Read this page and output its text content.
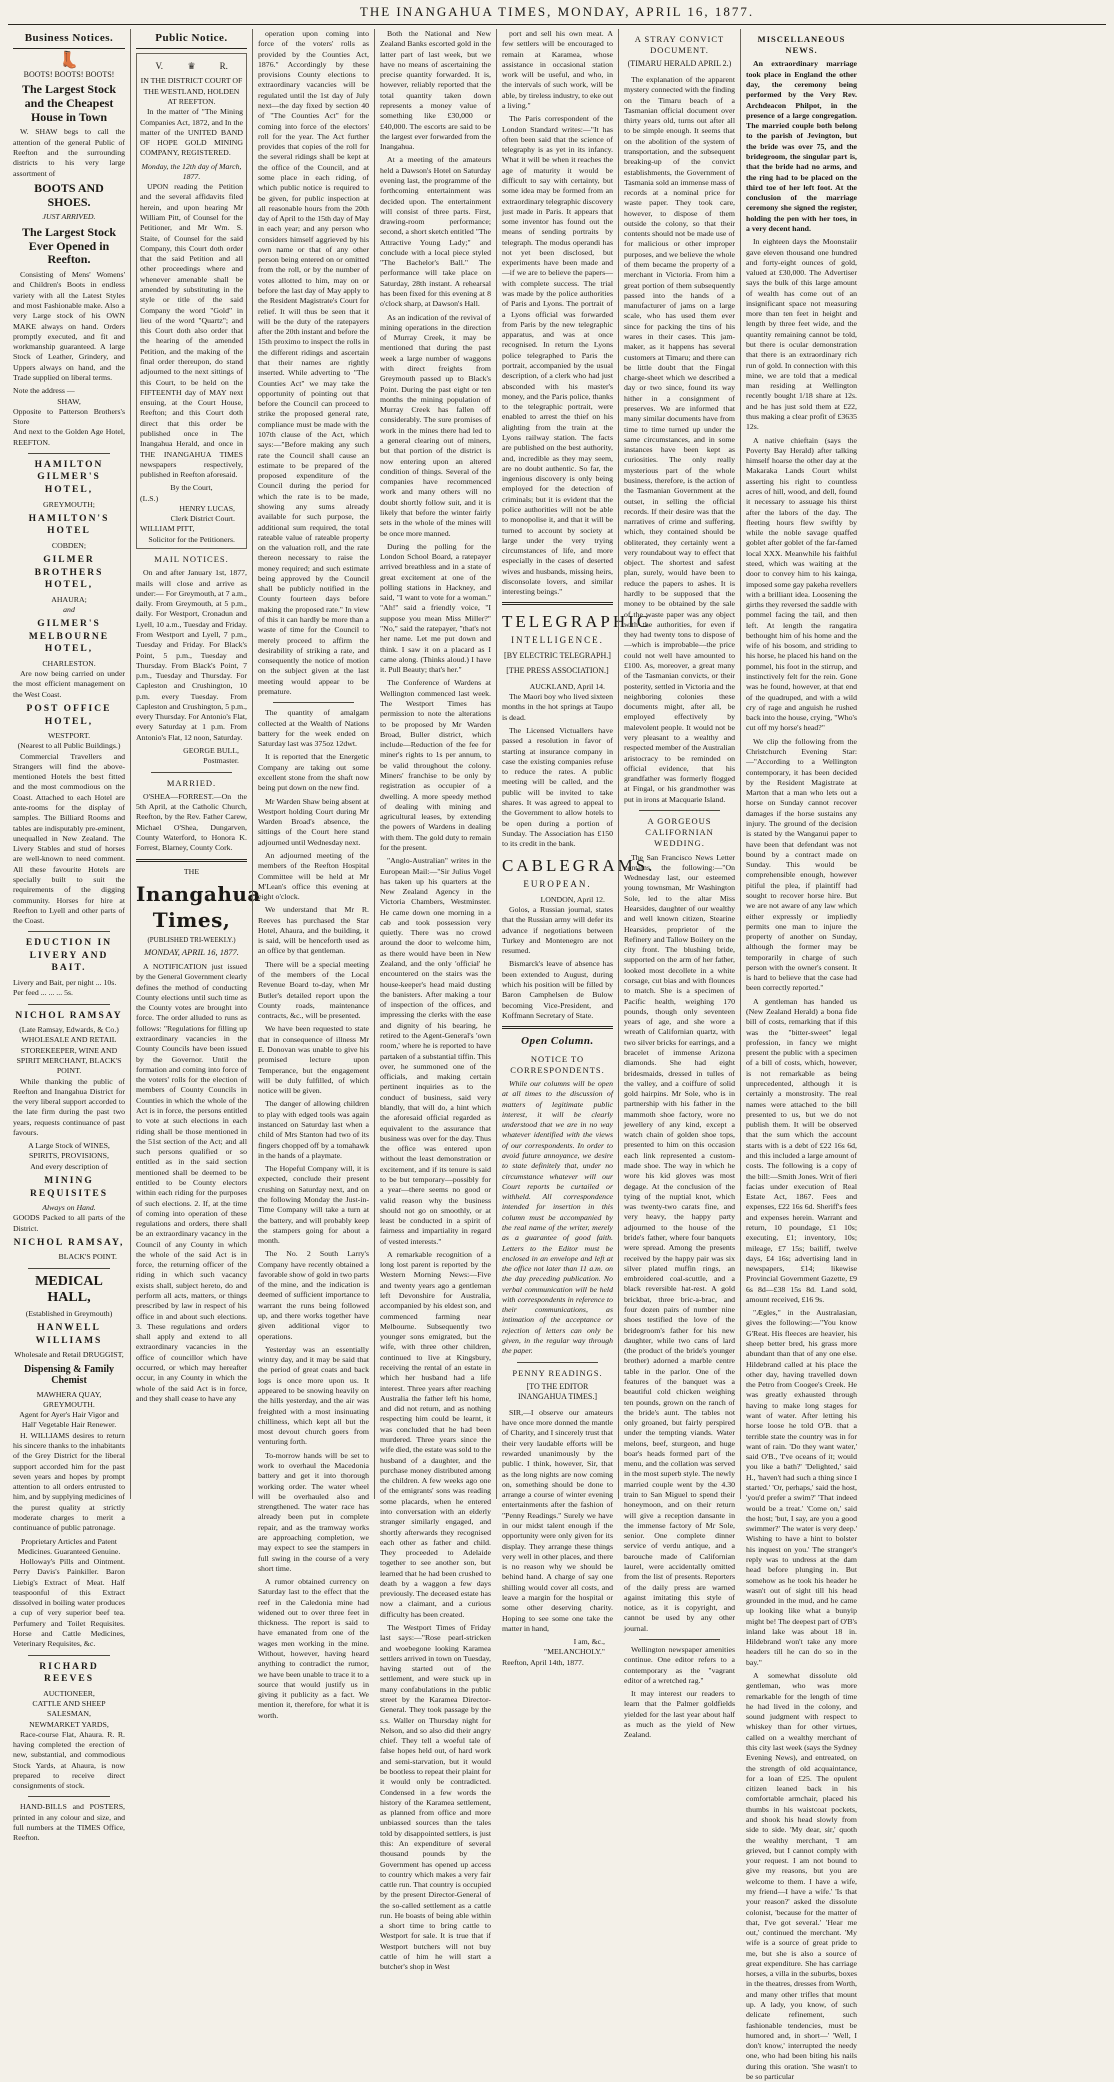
THE INANGAHUA TIMES, MONDAY, APRIL 16, 1877.
Business Notices.
👢
BOOTS! BOOTS! BOOTS!
The Largest Stock and the Cheapest House in Town

W. SHAW begs to call the attention of the general Public of Reefton and the surrounding districts to his very large assortment of

BOOTS AND SHOES.
JUST ARRIVED.
The Largest Stock Ever Opened in Reefton.

Consisting of Mens' Womens' and Children's Boots in endless variety with all the Latest Styles and most Fashionable make. Also a very Large stock of his OWN MAKE always on hand. Orders promptly executed, and fit and workmanship guaranteed. A large Stock of Leather, Grindery, and Uppers always on hand, and the Trade supplied on liberal terms.

Note the address —
SHAW,
Opposite to Patterson Brothers's Store
And next to the Golden Age Hotel, REEFTON.
HAMILTON GILMER'S HOTEL,
GREYMOUTH;
HAMILTON'S HOTEL
COBDEN;
GILMER BROTHERS HOTEL,
AHAURA;
and
GILMER'S MELBOURNE HOTEL,
CHARLESTON.

Are now being carried on under the most efficient management on the West Coast.

POST OFFICE HOTEL,
WESTPORT.
(Nearest to all Public Buildings.)

Commercial Travellers and Strangers will find the above-mentioned Hotels the best fitted and the most commodious on the Coast. Attached to each Hotel are ante-rooms for the display of samples. The Billiard Rooms and tables are indisputably pre-eminent, unequalled in New Zealand. The Livery Stables and stud of horses are well-known to need comment. All these favourite Hotels are specially built to suit the requirements of the digging community. Horses for hire at Reefton to Lyell and other parts of the Coast.

EDUCTION IN LIVERY AND BAIT.
Livery and Bait, per night ... 10s.
Per feed ... ... ... 5s.
NICHOL RAMSAY
(Late Ramsay, Edwards, & Co.)
WHOLESALE AND RETAIL STOREKEEPER, WINE AND SPIRIT MERCHANT, BLACK'S POINT.

While thanking the public of Reefton and Inangahua District for the very liberal support accorded to the late firm during the past two years, requests continuance of past favours.

A Large Stock of WINES, SPIRITS, PROVISIONS,
And every description of
MINING REQUISITES
Always on Hand.
GOODS Packed to all parts of the District.
NICHOL RAMSAY,
BLACK'S POINT.
MEDICAL HALL,
(Established in Greymouth)
HANWELL WILLIAMS
Wholesale and Retail DRUGGIST,
Dispensing & Family Chemist
MAWHERA QUAY,
GREYMOUTH.
Agent for Ayer's Hair Vigor and Hall' Vegetable Hair Renewer.

H. WILLIAMS desires to return his sincere thanks to the inhabitants of the Grey District for the liberal support accorded him for the past seven years and hopes by prompt attention to all orders entrusted to him, and by supplying medicines of the purest quality at strictly moderate charges to merit a continuance of public patronage.

Proprietary Articles and Patent Medicines. Guaranteed Genuine.

Holloway's Pills and Ointment. Perry Davis's Painkiller. Baron Liebig's Extract of Meat. Half teaspoonful of this Extract dissolved in boiling water produces a cup of very superior beef tea. Perfumery and Toilet Requisites. Horse and Cattle Medicines, Veterinary Requisites, &c.

RICHARD REEVES
AUCTIONEER,
CATTLE AND SHEEP SALESMAN,
NEWMARKET YARDS,

Race-course Flat, Ahaura. R. R. having completed the erection of new, substantial, and commodious Stock Yards, at Ahaura, is now prepared to receive direct consignments of stock.

HAND-BILLS and POSTERS, printed in any colour and size, and full numbers at the TIMES Office, Reefton.

Public Notice.
V.	♛	R.
IN THE DISTRICT COURT OF THE WESTLAND, HOLDEN AT REEFTON.

In the matter of "The Mining Companies Act, 1872, and In the matter of the UNITED BAND OF HOPE GOLD MINING COMPANY, REGISTERED.

Monday, the 12th day of March, 1877.

UPON reading the Petition and the several affidavits filed herein, and upon hearing Mr William Pitt, of Counsel for the Petitioner, and Mr Wm. S. Staite, of Counsel for the said Company, this Court doth order that the said Petition and all other proceedings where and whenever amenable shall be amended by substituting in the style or title of the said Company the word "Gold" in lieu of the word "Quartz"; and this Court doth also order that the hearing of the amended Petition, and the making of the final order thereupon, do stand adjourned to the next sittings of this Court, to be held on the FIFTEENTH day of MAY next ensuing, at the Court House, Reefton; and this Court doth direct that this order be published once in The Inangahua Herald, and once in THE INANGAHUA TIMES newspapers respectively, published in Reefton aforesaid.

By the Court,
(L.S.)
HENRY LUCAS,
Clerk District Court.
WILLIAM PITT,
Solicitor for the Petitioners.
MAIL NOTICES.

On and after January 1st, 1877, mails will close and arrive as under:— For Greymouth, at 7 a.m., daily. From Greymouth, at 5 p.m., daily. For Westport, Cronadun and Lyell, 10 a.m., Tuesday and Friday. From Westport and Lyell, 7 p.m., Tuesday and Friday. For Black's Point, 5 p.m., Tuesday and Thursday. From Black's Point, 7 p.m., Tuesday and Thursday. For Capleston and Crushington, 10 p.m. every Tuesday. From Capleston and Crushington, 5 p.m., every Thursday. For Antonio's Flat, every Saturday at 1 p.m. From Antonio's Flat, 12 noon, Saturday.

GEORGE BULL,
Postmaster.
MARRIED.

O'SHEA—FORREST.—On the 5th April, at the Catholic Church, Reefton, by the Rev. Father Carew, Michael O'Shea, Dungarven, County Waterford, to Honora K. Forrest, Blarney, County Cork.

THE
Inangahua Times,
(PUBLISHED TRI-WEEKLY.)
MONDAY, APRIL 16, 1877.

A NOTIFICATION just issued by the General Government clearly defines the method of conducting County elections until such time as the County votes are brought into force. The order alluded to runs as follows: "Regulations for filling up extraordinary vacancies in the County Councils have been issued by the Governor. Until the formation and coming into force of the voters' rolls for the election of members of County Councils in Counties in which the whole of the Act is in force, the persons entitled to vote at such elections in each riding shall be those mentioned in the 51st section of the Act; and all such persons qualified or so entitled as in the said section mentioned shall be deemed to be entitled to be County electors within each riding for the purposes of such elections. 2. If, at the time of coming into operation of these regulations and orders, there shall be an extraordinary vacancy in the Council of any County in which the whole of the said Act is in force, the returning officer of the riding in which such vacancy exists shall, subject hereto, do and perform all acts, matters, or things prescribed by law in respect of his office in and about such elections. 3. These regulations and orders shall apply and extend to all extraordinary vacancies in the office of councillor which have occurred, or which may hereafter occur, in any County in which the whole of the said Act is in force, and they shall cease to have any

operation upon coming into force of the voters' rolls as provided by the Counties Act, 1876." Accordingly by these provisions County elections to extraordinary vacancies will be regulated until the 1st day of July next—the day fixed by section 40 of "The Counties Act" for the coming into force of the electors' roll for the year. The Act further provides that copies of the roll for the several ridings shall be kept at the office of the Council, and at some place in each riding, of which public notice is required to be given, for public inspection at all reasonable hours from the 20th day of April to the 15th day of May in each year; and any person who considers himself aggrieved by his own name or that of any other person being entered on or omitted from the roll, or by the number of votes allotted to him, may on or before the last day of May apply to the Resident Magistrate's Court for relief. It will thus be seen that it will be the duty of the ratepayers after the 20th instant and before the 15th proximo to inspect the rolls in the different ridings and ascertain that their names are rightly inserted. While adverting to "The Counties Act" we may take the opportunity of pointing out that before the Council can proceed to strike the proposed general rate, compliance must be made with the 107th clause of the Act, which says:—"Before making any such rate the Council shall cause an estimate to be prepared of the proposed expenditure of the Council during the period for which the rate is to be made, showing any sums already available for such purpose, the additional sum required, the total rateable value of rateable property on the valuation roll, and the rate thereon necessary to raise the money required; and such estimate being approved by the Council shall be publicly notified in the County fourteen days before making the proposed rate." In view of this it can hardly be more than a waste of time for the Council to merely proceed to affirm the desirability of striking a rate, and consequently the notice of motion on the subject given at the last meeting would appear to be premature.

The quantity of amalgam collected at the Wealth of Nations battery for the week ended on Saturday last was 375oz 12dwt.

It is reported that the Energetic Company are taking out some excellent stone from the shaft now being put down on the new find.

Mr Warden Shaw being absent at Westport holding Court during Mr Warden Broad's absence, the sittings of the Court here stand adjourned until Wednesday next.

An adjourned meeting of the members of the Reefton Hospital Committee will be held at Mr M'Lean's office this evening at eight o'clock.

We understand that Mr R. Reeves has purchased the Star Hotel, Ahaura, and the building, it is said, will be henceforth used as an office by that gentleman.

There will be a special meeting of the members of the Local Revenue Board to-day, when Mr Butler's detailed report upon the County roads, maintenance contracts, &c., will be presented.

We have been requested to state that in consequence of illness Mr E. Donovan was unable to give his promised lecture upon Temperance, but the engagement will be duly fulfilled, of which notice will be given.

The danger of allowing children to play with edged tools was again instanced on Saturday last when a child of Mrs Stanton had two of its fingers chopped off by a tomahawk in the hands of a playmate.

The Hopeful Company will, it is expected, conclude their present crushing on Saturday next, and on the following Monday the Just-in-Time Company will take a turn at the battery, and will probably keep the stampers going for about a month.

The No. 2 South Larry's Company have recently obtained a favorable show of gold in two parts of the mine, and the indication is deemed of sufficient importance to warrant the runs being followed up, and there works together have given additional vigor to operations.

Yesterday was an essentially wintry day, and it may be said that the period of great coats and back logs is once more upon us. It appeared to be snowing heavily on the hills yesterday, and the air was freighted with a most insinuating chilliness, which kept all but the most devout church goers from venturing forth.

To-morrow hands will be set to work to overhaul the Macedonia battery and get it into thorough working order. The water wheel will be overhauled also and strengthened. The water race has already been put in complete repair, and as the tramway works are approaching completion, we may expect to see the stampers in full swing in the course of a very short time.

A rumor obtained currency on Saturday last to the effect that the reef in the Caledonia mine had widened out to over three feet in thickness. The report is said to have emanated from one of the wages men working in the mine. Without, however, having heard anything to contradict the rumor, we have been unable to trace it to a source that would justify us in giving it publicity as a fact. We mention it, therefore, for what it is worth.

Both the National and New Zealand Banks escorted gold in the latter part of last week, but we have no means of ascertaining the precise quantity forwarded. It is, however, reliably reported that the total quantity taken down represents a money value of something like £30,000 or £40,000. The escorts are said to be the largest ever forwarded from the Inangahua.

At a meeting of the amateurs held a Dawson's Hotel on Saturday evening last, the programme of the forthcoming entertainment was decided upon. The entertainment will consist of three parts. First, drawing-room performance; second, a short sketch entitled "The Attractive Young Lady;" and conclude with a local piece styled "The Bachelor's Ball." The performance will take place on Saturday, 28th instant. A rehearsal has been fixed for this evening at 8 o'clock sharp, at Dawson's Hall.

As an indication of the revival of mining operations in the direction of Murray Creek, it may be mentioned that during the past week a large number of waggons with direct freights from Greymouth passed up to Black's Point. During the past eight or ten months the mining population of Murray Creek has fallen off considerably. The sure promises of work in the mines there had led to a general clearing out of miners, but that portion of the district is now entering upon an altered condition of things. Several of the companies have recommenced work and many others will no doubt shortly follow suit, and it is likely that before the winter fairly sets in the whole of the mines will be once more manned.

During the polling for the London School Board, a ratepayer arrived breathless and in a state of great excitement at one of the polling stations in Hackney, and said, "I want to vote for a woman." "Ah!" said a friendly voice, "I suppose you mean Miss Miller?" "No," said the ratepayer, "that's not her name. Let me put down and think. I saw it on a placard as I came along. (Thinks aloud.) I have it. Pull Beauty; that's her."

The Conference of Wardens at Wellington commenced last week. The Westport Times has permission to note the alterations to be proposed by Mr Warden Broad, Buller district, which include—Reduction of the fee for miner's rights to 1s per annum, to be valid throughout the colony. Miners' franchise to be only by registration as occupier of a dwelling. A more speedy method of dealing with mining and agricultural leases, by extending the powers of Wardens in dealing with them. The gold duty to remain for the present.

"Anglo-Australian" writes in the European Mail:—"Sir Julius Vogel has taken up his quarters at the New Zealand Agency in the Victoria Chambers, Westminster. He came down one morning in a cab and took possession very quietly. There was no crowd around the door to welcome him, as there would have been in New Zealand, and the only 'official' he encountered on the stairs was the house-keeper's head maid dusting the banisters. After making a tour of inspection of the offices, and impressing the clerks with the ease and dignity of his bearing, he retired to the Agent-General's 'own room,' where he is reported to have partaken of a substantial tiffin. This over, he summoned one of the officials, and making certain pertinent inquiries as to the conduct of business, said very blandly, that will do, a hint which the aforesaid official regarded as equivalent to the assurance that business was over for the day. Thus the office was entered upon without the least demonstration or excitement, and if its tenure is said to be but temporary—possibly for a year—there seems no good or valid reason why the business should not go on smoothly, or at least be conducted in a spirit of fairness and impartiality in regard of vested interests."

A remarkable recognition of a long lost parent is reported by the Western Morning News:—Five and twenty years ago a gentleman left Devonshire for Australia, accompanied by his eldest son, and commenced farming near Melbourne. Subsequently two younger sons emigrated, but the wife, with three other children, continued to live at Kingsbury, receiving the rental of an estate in which her husband had a life interest. Three years after reaching Australia the father left his home, and did not return, and as nothing respecting him could be learnt, it was concluded that he had been murdered. Three years since the wife died, the estate was sold to the husband of a daughter, and the purchase money distributed among the children. A few weeks ago one of the emigrants' sons was reading some placards, when he entered into conversation with an elderly stranger similarly engaged, and shortly afterwards they recognised each other as father and child. They proceeded to Adelaide together to see another son, but learned that he had been crushed to death by a waggon a few days previously. The deceased estate has now a claimant, and a curious difficulty has been created.

The Westport Times of Friday last says:—"Rose pearl-stricken and woebegone looking Karamea settlers arrived in town on Tuesday, having started out of the settlement, and were stuck up in many confabulations in the public street by the Karamea Director-General. They took passage by the s.s. Waller on Thursday night for Nelson, and so also did their angry chief. They tell a woeful tale of false hopes held out, of hard work and semi-starvation, but it would be bootless to repeat their plaint for it would only be contradicted. Condensed in a few words the history of the Karamea settlement, as planned from office and more unbiassed sources than the tales told by disappointed settlers, is just this: An expenditure of several thousand pounds by the Government has opened up access to country which makes a very fair cattle run. That country is occupied by the present Director-General of the so-called settlement as a cattle run. He boasts of being able within a short time to bring cattle to Westport for sale. It is true that if Westport butchers will not buy cattle of him he will start a butcher's shop in West

port and sell his own meat. A few settlers will be encouraged to remain at Karamea, whose assistance in occasional station work will be useful, and who, in the intervals of such work, will be able, by tireless industry, to eke out a living."

The Paris correspondent of the London Standard writes:—"It has often been said that the science of telegraphy is as yet in its infancy. What it will be when it reaches the age of maturity it would be difficult to say with certainty, but some idea may be formed from an extraordinary telegraphic discovery just made in Paris. It appears that some inventor has found out the means of sending portraits by telegraph. The modus operandi has not yet been disclosed, but experiments have been made and—if we are to believe the papers—with complete success. The trial was made by the police authorities of Paris and Lyons. The portrait of a Lyons official was forwarded from Paris by the new telegraphic apparatus, and was at once recognised. In return the Lyons police telegraphed to Paris the portrait, accompanied by the usual description, of a clerk who had just absconded with his master's money, and the Paris police, thanks to the telegraphic portrait, were enabled to arrest the thief on his alighting from the train at the Lyons railway station. The facts are published on the best authority, and, incredible as they may seem, are no doubt authentic. So far, the ingenious discovery is only being employed for the detection of criminals; but it is evident that the police authorities will not be able to monopolise it, and that it will be turned to account by society at large under the very trying circumstances of life, and more especially in the cases of deserted wives and husbands, missing heirs, disconsolate lovers, and similar interesting beings."

TELEGRAPHIC
INTELLIGENCE.
[BY ELECTRIC TELEGRAPH.]
[THE PRESS ASSOCIATION.]
AUCKLAND, April 14.

The Maori boy who lived sixteen months in the hot springs at Taupo is dead.

The Licensed Victuallers have passed a resolution in favor of starting at insurance company in case the existing companies refuse to reduce the rates. A public meeting will be called, and the public will be invited to take shares. It was agreed to appeal to the Government to allow hotels to be open during a portion of Sunday. The Association has £150 to its credit in the bank.

CABLEGRAMS.
EUROPEAN.
LONDON, April 12.

Golos, a Russian journal, states that the Russian army will defer its advance if negotiations between Turkey and Montenegro are not resumed.

Bismarck's leave of absence has been extended to August, during which his position will be filled by Baron Camphelsen de Bulow becoming Vice-President, and Koffmann Secretary of State.

Open Column.
NOTICE TO CORRESPONDENTS.

While our columns will be open at all times to the discussion of matters of legitimate public interest, it will be clearly understood that we are in no way whatever identified with the views of our correspondents. In order to avoid future annoyance, we desire to state definitely that, under no circumstance whatever will our Court reports be curtailed or withheld. All correspondence intended for insertion in this column must be accompanied by the real name of the writer, merely as a guarantee of good faith. Letters to the Editor must be enclosed in an envelope and left at the office not later than 11 a.m. on the day preceding publication. No verbal communication will be held with correspondents in reference to their communications, as intimation of the acceptance or rejection of letters can only be given, in the regular way through the paper.

PENNY READINGS.
[TO THE EDITOR INANGAHUA TIMES.]

SIR,—I observe our amateurs have once more donned the mantle of Charity, and I sincerely trust that their very laudable efforts will be rewarded unanimously by the public. I think, however, Sir, that as the long nights are now coming on, something should be done to arrange a course of winter evening entertainments after the fashion of "Penny Readings." Surely we have in our midst talent enough if the opportunity were only given for its display. They arrange these things very well in other places, and there is no reason why we should be behind hand. A charge of say one shilling would cover all costs, and leave a margin for the hospital or some other deserving charity. Hoping to see some one take the matter in hand,

I am, &c.,
"MELANCHOLY."
Reefton, April 14th, 1877.
A STRAY CONVICT DOCUMENT.
(TIMARU HERALD APRIL 2.)

The explanation of the apparent mystery connected with the finding on the Timaru beach of a Tasmanian official document over thirty years old, turns out after all to be simple enough. It seems that on the abolition of the system of transportation, and the subsequent breaking-up of the convict establishments, the Government of Tasmania sold an immense mass of records at a nominal price for waste paper. They took care, however, to dispose of them outside the colony, so that their contents should not be made use of for malicious or other improper purposes, and we believe the whole of them became the property of a merchant in Victoria. From him a great portion of them subsequently passed into the hands of a manufacturer of jams on a large scale, who has used them ever since for packing the tins of his wares in their cases. This jam-maker, as it happens has several customers at Timaru; and there can be little doubt that the Fingal charge-sheet which we described a day or two since, found its way hither in a consignment of preserves. We are informed that many similar documents have from time to time turned up under the same circumstances, and in some instances have been kept as curiosities. The only really mysterious part of the whole business, therefore, is the action of the Tasmanian Government at the outset, in selling the official records. If their desire was that the narratives of crime and suffering, which, they contained should be obliterated, they certainly went a very roundabout way to effect that object. The shortest and safest plan, surely, would have been to reduce the papers to ashes. It is hardly to be supposed that the money to be obtained by the sale of the waste paper was any object with the authorities, for even if they had twenty tons to dispose of—which is improbable—the price could not well have amounted to £100. As, moreover, a great many of the Tasmanian convicts, or their posterity, settled in Victoria and the neighboring colonies these documents might, after all, be employed effectively by malevolent people. It would not be very pleasant to a wealthy and respected member of the Australian aristocracy to be reminded on official evidence, that his grandfather was formerly flogged at Fingal, or his grandmother was put in irons at Macquarie Island.

A GORGEOUS CALIFORNIAN WEDDING.

The San Francisco News Letter contains the following:—"On Wednesday last, our esteemed young townsman, Mr Washington Sole, led to the altar Miss Hearsides, daughter of our wealthy and well known citizen, Stearine Hearsides, proprietor of the Refinery and Tallow Boilery on the city front. The blushing bride, supported on the arm of her father, looked most decollete in a white corsage, cut bias and with flounces to match. She is a specimen of Pacific health, weighing 170 pounds, though only seventeen years of age, and she wore a wreath of Californian quartz, with two silver bricks for earrings, and a bracelet of immense Arizona diamonds. She had eight bridesmaids, dressed in tulles of the valley, and a coiffure of solid gold hairpins. Mr Sole, who is in partnership with his father in the mammoth shoe factory, wore no jewellery of any kind, except a watch chain of golden shoe tops, presented to him on this occasion each link represented a custom-made shoe. The way in which he wore his kid gloves was most degage. At the conclusion of the tying of the nuptial knot, which was twenty-two carats fine, and very heavy, the happy party adjourned to the house of the bride's father, where four banquets were spread. Among the presents received by the happy pair was six silver plated muffin rings, an embroidered coal-scuttle, and a black reversible hat-rest. A gold brickbat, three bric-a-brac, and four dozen pairs of number nine shoes testified the love of the bridegroom's father for his new daughter, while two cans of lard (the product of the bride's younger brother) adorned a marble centre table in the parlor. One of the features of the banquet was a beautiful cold chicken weighing ten pounds, grown on the ranch of the bride's aunt. The tables not only groaned, but fairly perspired under the tempting viands. Water melons, beef, sturgeon, and huge boar's heads formed part of the menu, and the collation was served in the most superb style. The newly married couple went by the 4.30 train to San Miguel to spend their honeymoon, and on their return will give a reception dansante in the immense factory of Mr Sole, senior. One complete dinner service of verdu antique, and a barouche made of Californian laurel, were accidentally omitted from the list of presents. Reporters of the daily press are warned against imitating this style of notice, as it is copyright, and cannot be used by any other journal.

Wellington newspaper amenities continue. One editor refers to a contemporary as the "vagrant editor of a wretched rag."

It may interest our readers to learn that the Palmer goldfields yielded for the last year about half as much as the yield of New Zealand.

MISCELLANEOUS NEWS.

An extraordinary marriage took place in England the other day, the ceremony being performed by the Very Rev. Archdeacon Philpot, in the presence of a large congregation. The married couple both belong to the parish of Jevington, but the bride was over 75, and the bridegroom, the singular part is, that the bride had no arms, and the ring had to be placed on the third toe of her left foot. At the conclusion of the marriage ceremony she signed the register, holding the pen with her toes, in a very decent hand.

In eighteen days the Moonstaiir gave eleven thousand one hundred and forty-eight ounces of gold, valued at £30,000. The Advertiser says the bulk of this large amount of wealth has come out of an insignificant space not measuring more than ten feet in height and length by three feet wide, and the quantity remaining cannot be told, but there is ocular demonstration that there is an extraordinary rich run of gold. In connection with this mine, we are told that a medical man residing at Wellington recently bought 1/18 share at 12s. and he has just sold them at £22, thus making a clear profit of £3635 12s.

A native chieftain (says the Poverty Bay Herald) after talking himself hoarse the other day at the Makaraka Lands Court whilst asserting his right to countless acres of hill, wood, and dell, found it necessary to assuage his thirst after the labors of the day. The fleeting hours flew swiftly by while the noble savage quaffed goblet after goblet of the far-famed local XXX. Meanwhile his faithful steed, which was waiting at the door to convey him to his kainga, imposed some gay pakeha revellers with a brilliant idea. Loosening the girths they reversed the saddle with pommel facing the tail, and then left. At length the rangatira bethought him of his home and the wife of his bosom, and striding to his horse, he placed his hand on the pommel, his foot in the stirrup, and instinctively felt for the rein. Gone was he found, however, at that end of the quadruped, and with a wild cry of rage and anguish he rushed back into the house, crying, "Who's cut off my horse's head?"

We clip the following from the Christchurch Evening Star:—"According to a Wellington contemporary, it has been decided by the Resident Magistrate at Marton that a man who lets out a horse on Sunday cannot recover damages if the horse sustains any injury. The ground of the decision is stated by the Wanganui paper to have been that defendant was not bound by a contract made on Sunday. This would be comprehensible enough, however pitiful the plea, if plaintiff had sought to recover horse hire. But we are not aware of any law which either expressly or impliedly permits one man to injure the property of another on Sunday, although the former may be temporarily in charge of such person with the owner's consent. It is hard to believe that the case had been correctly reported."

A gentleman has handed us (New Zealand Herald) a bona fide bill of costs, remarking that if this was the "bitter-sweet" legal profession, in fancy we might present the public with a specimen of a bill of costs, which, however, is not remarkable as being unprecedented, although it is certainly a monstrosity. The real names were attached to the bill presented to us, but we do not publish them. It will be observed that the sum which the account starts with is a debt of £22 16s 6d, and this included a large amount of costs. The following is a copy of the bill:—Smith Jones. Writ of fieri facias under execution of Real Estate Act, 1867. Fees and expenses, £22 16s 6d. Sheriff's fees and expenses herein. Warrant and return, 10 poundage, £1 10s; executing, £1; inventory, 10s; mileage, £7 15s; bailiff, twelve days, £4 16s; advertising land in newspapers, £14; likewise Provincial Government Gazette, £9 6s 8d—£38 15s 8d. Land sold, amount received, £16 9s.

"Ægles," in the Australasian, gives the following:—"You know G'Reat. His fleeces are heavier, his sheep better bred, his grass more abundant than that of any one else. Hildebrand called at his place the other day, having travelled down the Petro from Coogee's Creek. He was greatly exhausted through having to make long stages for want of water. After letting his horse loose he told O'B. that a terrible state the country was in for want of rain. 'Do they want water,' said O'B., 'I've oceans of it; would you like a bath?' 'Delighted,' said H., 'haven't had such a thing since I started.' 'Or, perhaps,' said the host, 'you'd prefer a swim?' 'That indeed would be a treat.' 'Come on,' said the host; 'but, I say, are you a good swimmer?' The water is very deep.' Wishing to have a hint to bolster his inquest on you.' The stranger's reply was to undress at the dam head before plunging in. But somehow as he took his header he wasn't out of sight till his head grounded in the mud, and he came up looking like what a bunyip might be! The deepest part of O'B's inland lake was about 18 in. Hildebrand won't take any more headers till he can do so in the bay."

A somewhat dissolute old gentleman, who was more remarkable for the length of time he had lived in the colony, and sound judgment with respect to whiskey than for other virtues, called on a wealthy merchant of this city last week (says the Sydney Evening News), and entreated, on the strength of old acquaintance, for a loan of £25. The opulent citizen leaned back in his comfortable armchair, placed his thumbs in his waistcoat pockets, and shook his head slowly from side to side. 'My dear, sir,' quoth the wealthy merchant, 'I am grieved, but I cannot comply with your request. I am not bound to give my reasons, but you are welcome to them. I have a wife, my friend—I have a wife.' 'Is that your reason?' asked the dissolute colonist, 'because for the matter of that, I've got several.' 'Hear me out,' continued the merchant. 'My wife is a source of great pride to me, but she is also a source of great expenditure. She has carriage horses, a villa in the suburbs, boxes in the theatres, dresses from Worth, and many other trifles that mount up. A lady, you know, of such delicate refinement, such fashionable tendencies, must be humored and, in short—' 'Well, I don't know,' interrupted the needy one, who had been biting his nails during this oration. 'She wasn't to be so particular
